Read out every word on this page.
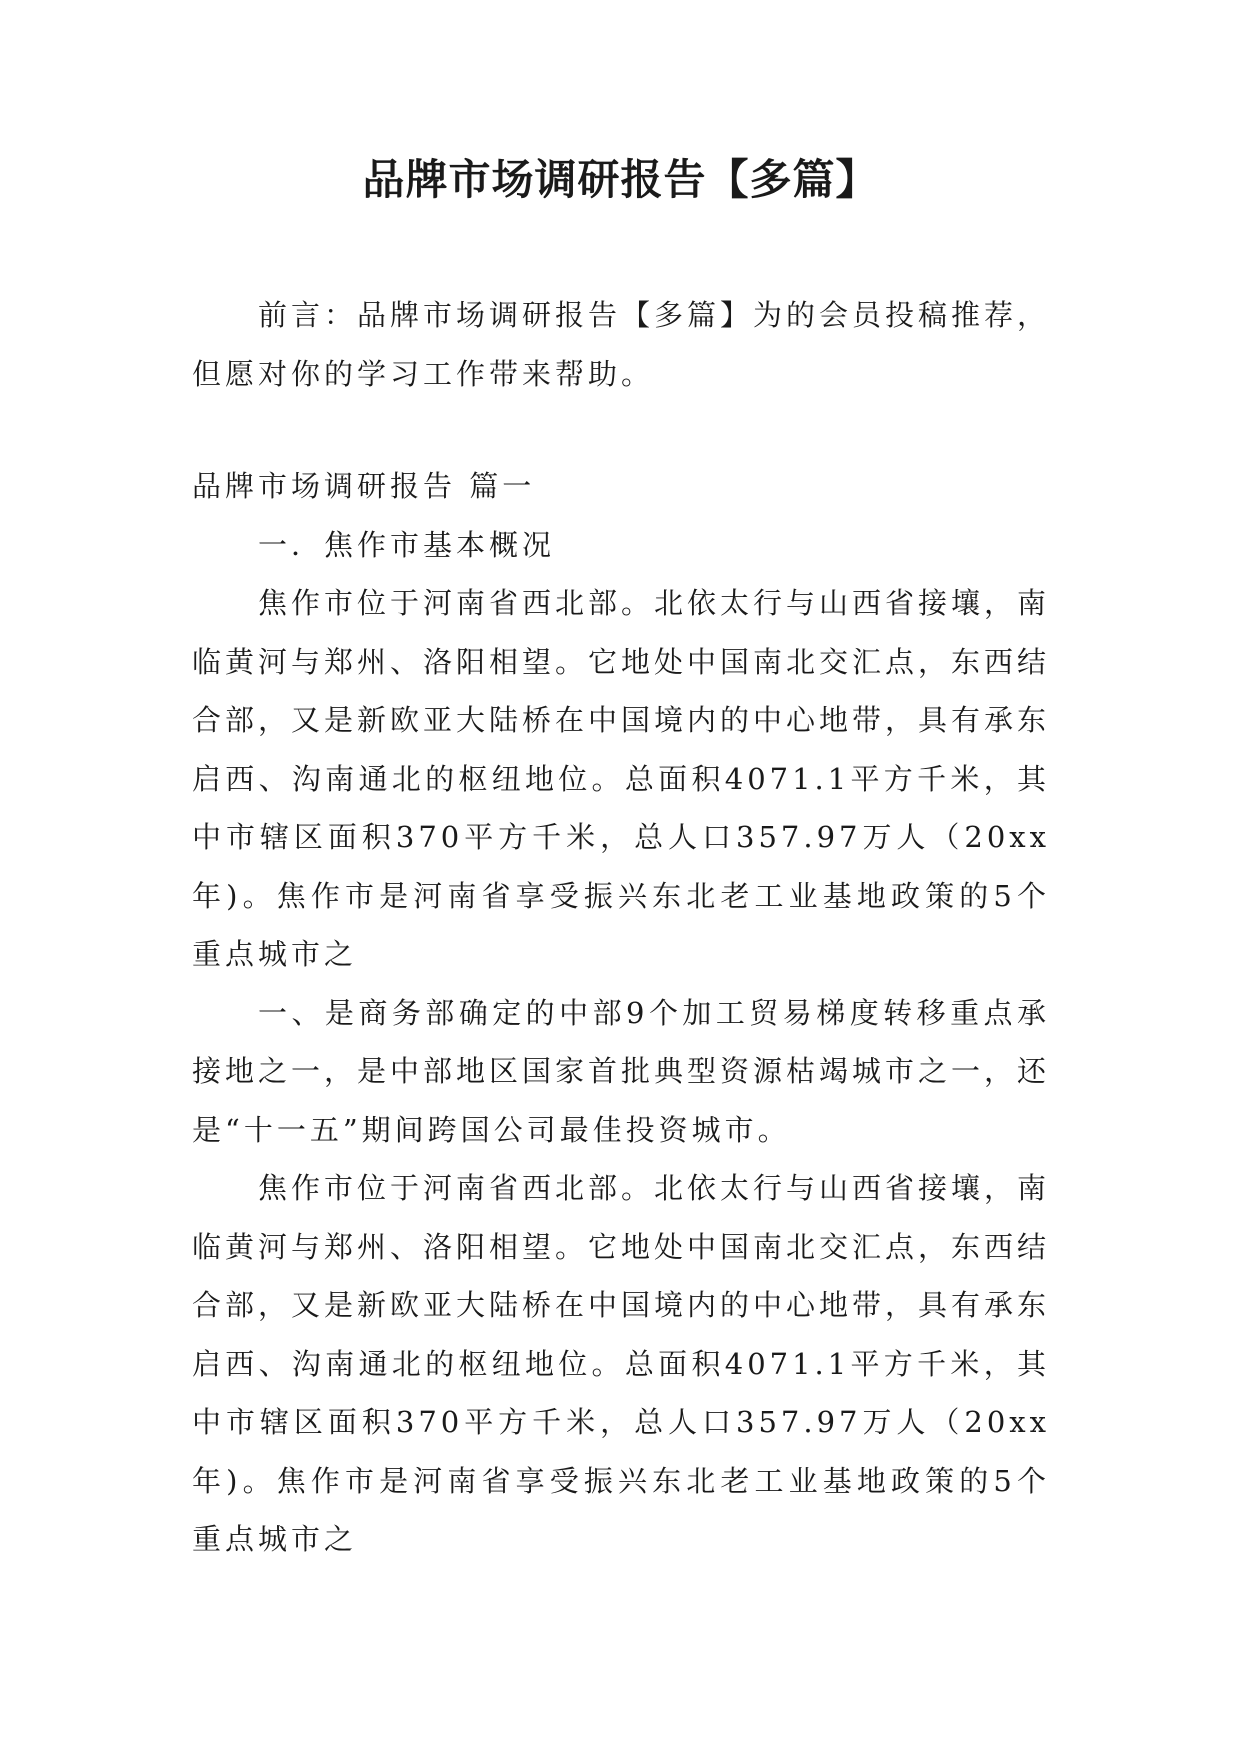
品牌市场调研报告【多篇】

前言：品牌市场调研报告【多篇】为的会员投稿推荐，但愿对你的学习工作带来帮助。

品牌市场调研报告 篇一

一．焦作市基本概况

焦作市位于河南省西北部。北依太行与山西省接壤，南临黄河与郑州、洛阳相望。它地处中国南北交汇点，东西结合部，又是新欧亚大陆桥在中国境内的中心地带，具有承东启西、沟南通北的枢纽地位。总面积4071.1平方千米，其中市辖区面积370平方千米，总人口357.97万人（20xx年)。焦作市是河南省享受振兴东北老工业基地政策的5个重点城市之

一、是商务部确定的中部9个加工贸易梯度转移重点承接地之一，是中部地区国家首批典型资源枯竭城市之一，还是“十一五”期间跨国公司最佳投资城市。

焦作市位于河南省西北部。北依太行与山西省接壤，南临黄河与郑州、洛阳相望。它地处中国南北交汇点，东西结合部，又是新欧亚大陆桥在中国境内的中心地带，具有承东启西、沟南通北的枢纽地位。总面积4071.1平方千米，其中市辖区面积370平方千米，总人口357.97万人（20xx年)。焦作市是河南省享受振兴东北老工业基地政策的5个重点城市之
